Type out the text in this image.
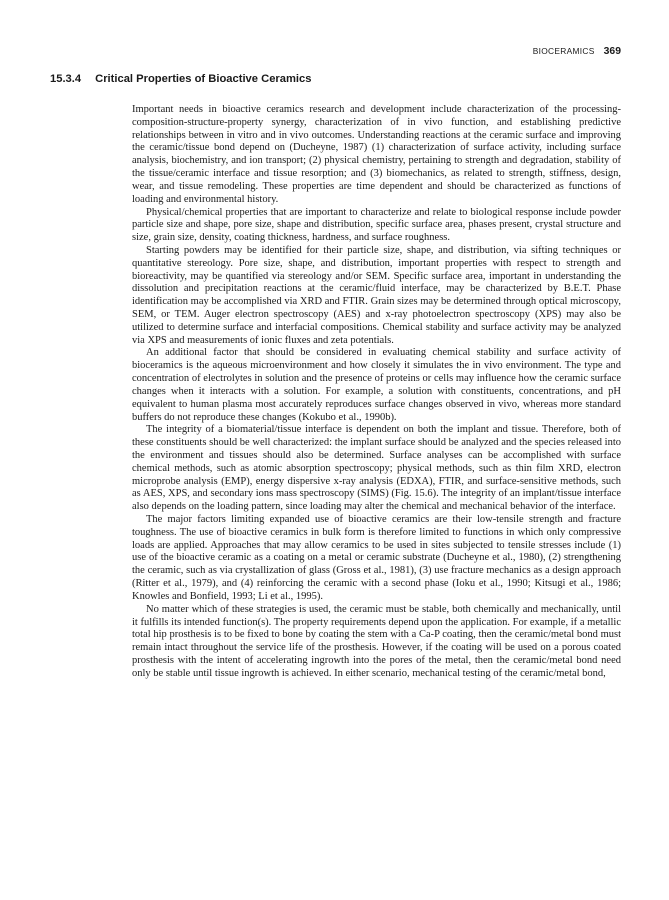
BIOCERAMICS 369
15.3.4 Critical Properties of Bioactive Ceramics

Important needs in bioactive ceramics research and development include characterization of the processing-composition-structure-property synergy, characterization of in vivo function, and establishing predictive relationships between in vitro and in vivo outcomes. Understanding reactions at the ceramic surface and improving the ceramic/tissue bond depend on (Ducheyne, 1987) (1) characterization of surface activity, including surface analysis, biochemistry, and ion transport; (2) physical chemistry, pertaining to strength and degradation, stability of the tissue/ceramic interface and tissue resorption; and (3) biomechanics, as related to strength, stiffness, design, wear, and tissue remodeling. These properties are time dependent and should be characterized as functions of loading and environmental history.

Physical/chemical properties that are important to characterize and relate to biological response include powder particle size and shape, pore size, shape and distribution, specific surface area, phases present, crystal structure and size, grain size, density, coating thickness, hardness, and surface roughness.

Starting powders may be identified for their particle size, shape, and distribution, via sifting techniques or quantitative stereology. Pore size, shape, and distribution, important properties with respect to strength and bioreactivity, may be quantified via stereology and/or SEM. Specific surface area, important in understanding the dissolution and precipitation reactions at the ceramic/fluid interface, may be characterized by B.E.T. Phase identification may be accomplished via XRD and FTIR. Grain sizes may be determined through optical microscopy, SEM, or TEM. Auger electron spectroscopy (AES) and x-ray photoelectron spectroscopy (XPS) may also be utilized to determine surface and interfacial compositions. Chemical stability and surface activity may be analyzed via XPS and measurements of ionic fluxes and zeta potentials.

An additional factor that should be considered in evaluating chemical stability and surface activity of bioceramics is the aqueous microenvironment and how closely it simulates the in vivo environment. The type and concentration of electrolytes in solution and the presence of proteins or cells may influence how the ceramic surface changes when it interacts with a solution. For example, a solution with constituents, concentrations, and pH equivalent to human plasma most accurately reproduces surface changes observed in vivo, whereas more standard buffers do not reproduce these changes (Kokubo et al., 1990b).

The integrity of a biomaterial/tissue interface is dependent on both the implant and tissue. Therefore, both of these constituents should be well characterized: the implant surface should be analyzed and the species released into the environment and tissues should also be determined. Surface analyses can be accomplished with surface chemical methods, such as atomic absorption spectroscopy; physical methods, such as thin film XRD, electron microprobe analysis (EMP), energy dispersive x-ray analysis (EDXA), FTIR, and surface-sensitive methods, such as AES, XPS, and secondary ions mass spectroscopy (SIMS) (Fig. 15.6). The integrity of an implant/tissue interface also depends on the loading pattern, since loading may alter the chemical and mechanical behavior of the interface.

The major factors limiting expanded use of bioactive ceramics are their low-tensile strength and fracture toughness. The use of bioactive ceramics in bulk form is therefore limited to functions in which only compressive loads are applied. Approaches that may allow ceramics to be used in sites subjected to tensile stresses include (1) use of the bioactive ceramic as a coating on a metal or ceramic substrate (Ducheyne et al., 1980), (2) strengthening the ceramic, such as via crystallization of glass (Gross et al., 1981), (3) use fracture mechanics as a design approach (Ritter et al., 1979), and (4) reinforcing the ceramic with a second phase (Ioku et al., 1990; Kitsugi et al., 1986; Knowles and Bonfield, 1993; Li et al., 1995).

No matter which of these strategies is used, the ceramic must be stable, both chemically and mechanically, until it fulfills its intended function(s). The property requirements depend upon the application. For example, if a metallic total hip prosthesis is to be fixed to bone by coating the stem with a Ca-P coating, then the ceramic/metal bond must remain intact throughout the service life of the prosthesis. However, if the coating will be used on a porous coated prosthesis with the intent of accelerating ingrowth into the pores of the metal, then the ceramic/metal bond need only be stable until tissue ingrowth is achieved. In either scenario, mechanical testing of the ceramic/metal bond,
